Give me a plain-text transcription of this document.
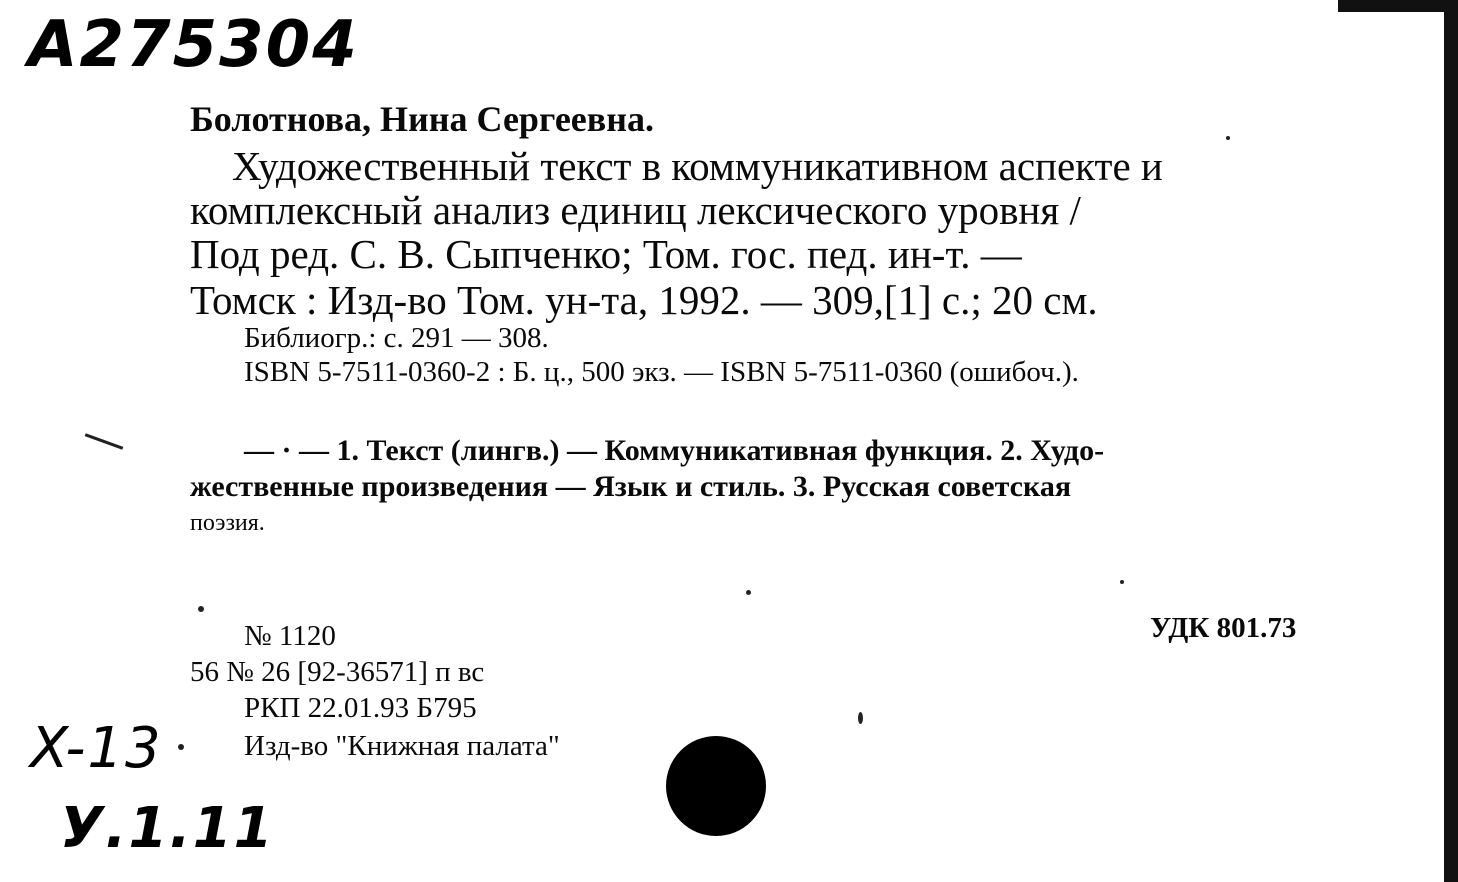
A275304
Болотнова, Нина Сергеевна.
Художественный текст в коммуникативном аспекте и
комплексный анализ единиц лексического уровня /
Под ред. С. В. Сыпченко; Том. гос. пед. ин-т. —
Томск : Изд-во Том. ун-та, 1992. — 309,[1] с.; 20 см.
Библиогр.: с. 291 — 308.
ISBN 5-7511-0360-2 : Б. ц., 500 экз. — ISBN 5-7511-0360 (ошибоч.).
— · — 1. Текст (лингв.) — Коммуникативная функция. 2. Худо-
жественные произведения — Язык и стиль. 3. Русская советская
поэзия.
№ 1120	УДК 801.73
56 № 26 [92-36571] п вс
РКП 22.01.93 Б795
Изд-во "Книжная палата"
X-13
У.1.11
